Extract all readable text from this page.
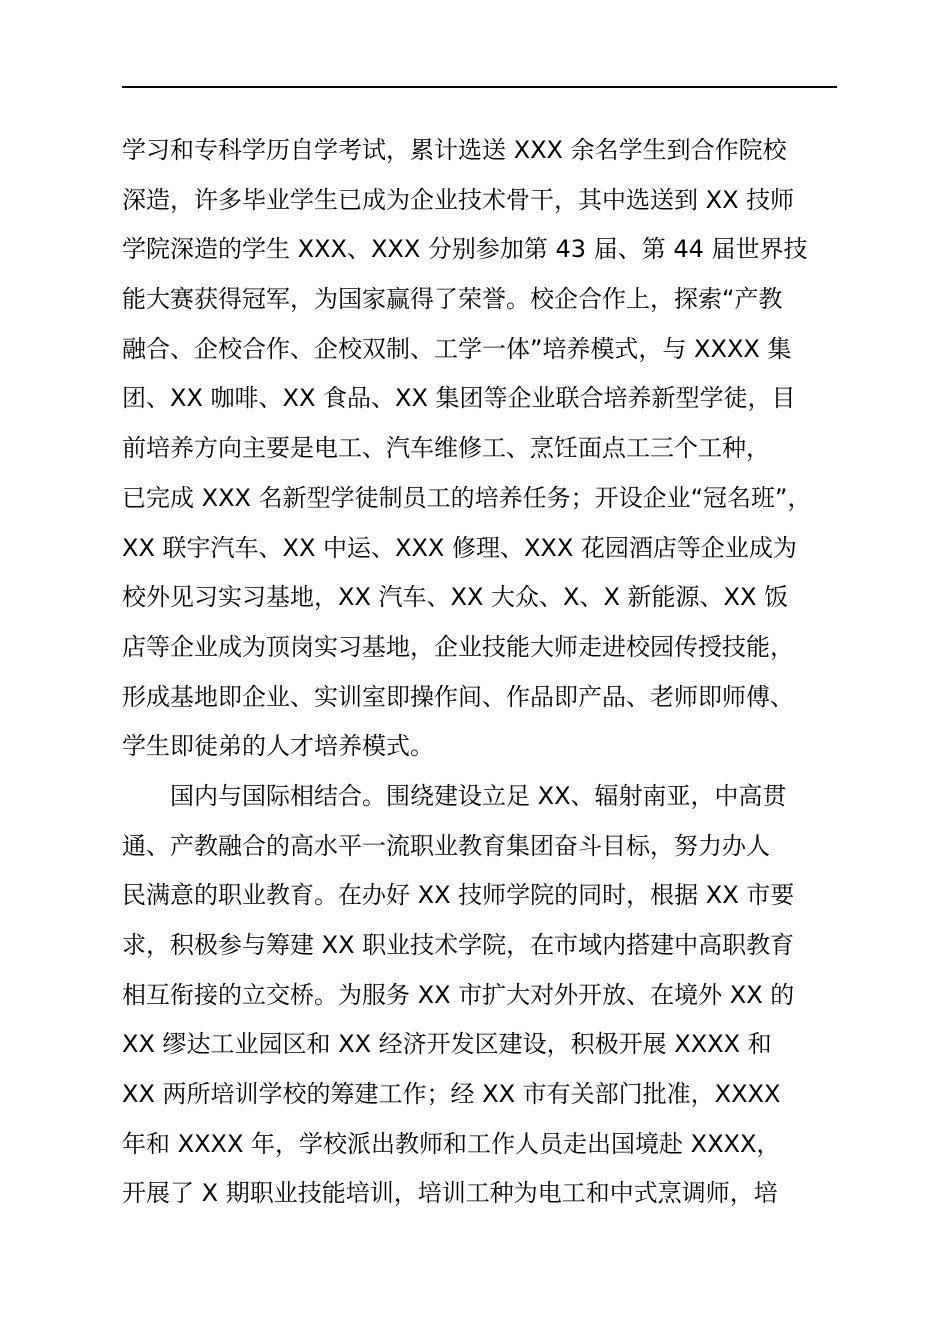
学习和专科学历自学考试，累计选送 XXX 余名学生到合作院校
深造，许多毕业学生已成为企业技术骨干，其中选送到 XX 技师
学院深造的学生 XXX、XXX 分别参加第 43 届、第 44 届世界技
能大赛获得冠军，为国家赢得了荣誉。校企合作上，探索“产教
融合、企校合作、企校双制、工学一体”培养模式，与 XXXX 集
团、XX 咖啡、XX 食品、XX 集团等企业联合培养新型学徒，目
前培养方向主要是电工、汽车维修工、烹饪面点工三个工种，
已完成 XXX 名新型学徒制员工的培养任务；开设企业“冠名班”，
XX 联宇汽车、XX 中运、XXX 修理、XXX 花园酒店等企业成为
校外见习实习基地，XX 汽车、XX 大众、X、X 新能源、XX 饭
店等企业成为顶岗实习基地，企业技能大师走进校园传授技能，
形成基地即企业、实训室即操作间、作品即产品、老师即师傅、
学生即徒弟的人才培养模式。
国内与国际相结合。围绕建设立足 XX、辐射南亚，中高贯
通、产教融合的高水平一流职业教育集团奋斗目标，努力办人
民满意的职业教育。在办好 XX 技师学院的同时，根据 XX 市要
求，积极参与筹建 XX 职业技术学院，在市域内搭建中高职教育
相互衔接的立交桥。为服务 XX 市扩大对外开放、在境外 XX 的
XX 缪达工业园区和 XX 经济开发区建设，积极开展 XXXX 和
XX 两所培训学校的筹建工作；经 XX 市有关部门批准，XXXX
年和 XXXX 年，学校派出教师和工作人员走出国境赴 XXXX，
开展了 X 期职业技能培训，培训工种为电工和中式烹调师，培
